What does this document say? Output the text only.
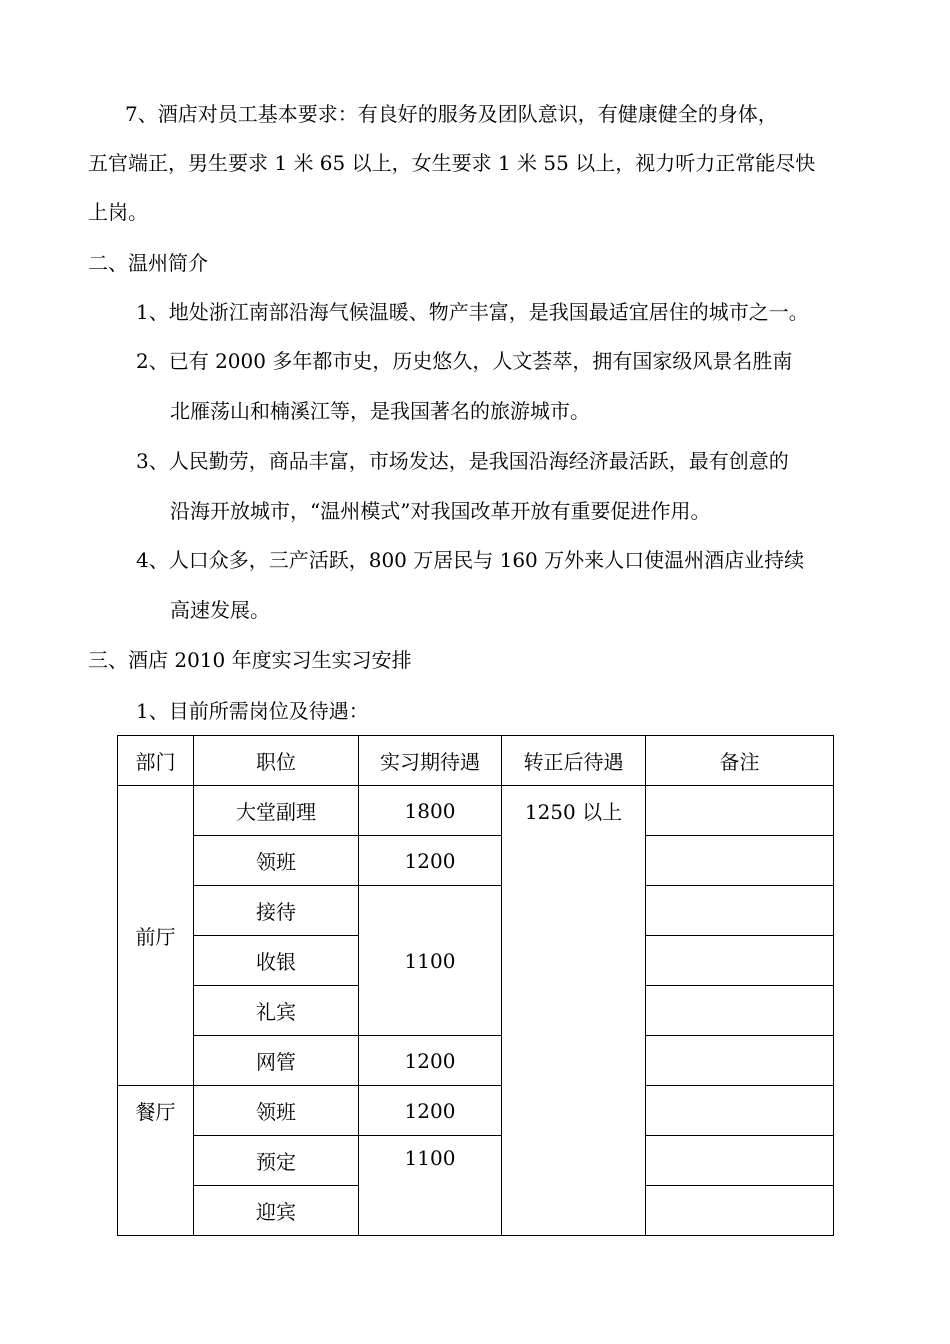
7、酒店对员工基本要求：有良好的服务及团队意识，有健康健全的身体，
五官端正，男生要求 1 米 65 以上，女生要求 1 米 55 以上，视力听力正常能尽快
上岗。
二、温州简介
1、地处浙江南部沿海气候温暖、物产丰富，是我国最适宜居住的城市之一。
2、已有 2000 多年都市史，历史悠久，人文荟萃，拥有国家级风景名胜南
北雁荡山和楠溪江等，是我国著名的旅游城市。
3、人民勤劳，商品丰富，市场发达，是我国沿海经济最活跃，最有创意的
沿海开放城市，“温州模式”对我国改革开放有重要促进作用。
4、人口众多，三产活跃，800 万居民与 160 万外来人口使温州酒店业持续
高速发展。
三、酒店 2010 年度实习生实习安排
1、目前所需岗位及待遇：
部门	职位	实习期待遇	转正后待遇	备注
前厅	大堂副理	1800	1250 以上	
	领班	1200		
	接待	1100		
	收银			
	礼宾			
	网管	1200		
餐厅	领班	1200		
	预定	1100		
	迎宾			
